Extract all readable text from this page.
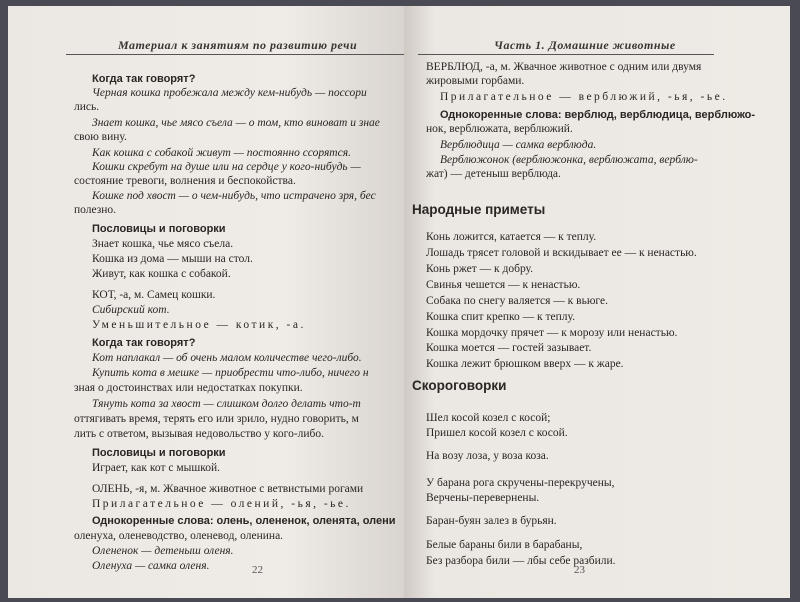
Материал к занятиям по развитию речи
Когда так говорят?
Черная кошка пробежала между кем-нибудь — поссори
лись.
Знает кошка, чье мясо съела — о том, кто виноват и знае
свою вину.
Как кошка с собакой живут — постоянно ссорятся.
Кошки скребут на душе или на сердце у кого-нибудь —
состояние тревоги, волнения и беспокойства.
Кошке под хвост — о чем-нибудь, что истрачено зря, бес
полезно.
Пословицы и поговорки
Знает кошка, чье мясо съела.
Кошка из дома — мыши на стол.
Живут, как кошка с собакой.
КОТ, -а, м. Самец кошки.
Сибирский кот.
Уменьшительное — котик, -а.
Когда так говорят?
Кот наплакал — об очень малом количестве чего-либо.
Купить кота в мешке — приобрести что-либо, ничего н
зная о достоинствах или недостатках покупки.
Тянуть кота за хвост — слишком долго делать что-т
оттягивать время, терять его или зрило, нудно говорить, м
лить с ответом, вызывая недовольство у кого-либо.
Пословицы и поговорки
Играет, как кот с мышкой.
ОЛЕНЬ, -я, м. Жвачное животное с ветвистыми рогами
Прилагательное — олений, -ья, -ье.
Однокоренные слова: олень, олененок, оленята, олени
оленуха, оленеводство, оленевод, оленина.
Олененок — детеныш оленя.
Оленуха — самка оленя.	22
Часть 1. Домашние животные
ВЕРБЛЮД, -а, м. Жвачное животное с одним или двумя
жировыми горбами.
Прилагательное — верблюжий, -ья, -ье.
Однокоренные слова: верблюд, верблюдица, верблюжо-
нок, верблюжата, верблюжий.
Верблюдица — самка верблюда.
Верблюжонок (верблюжонка, верблюжата, верблю-
жат) — детеныш верблюда.
Народные приметы
Конь ложится, катается — к теплу.
Лошадь трясет головой и вскидывает ее — к ненастью.
Конь ржет — к добру.
Свинья чешется — к ненастью.
Собака по снегу валяется — к вьюге.
Кошка спит крепко — к теплу.
Кошка мордочку прячет — к морозу или ненастью.
Кошка моется — гостей зазывает.
Кошка лежит брюшком вверх — к жаре.
Скороговорки
Шел косой козел с косой;
Пришел косой козел с косой.
На возу лоза, у воза коза.
У барана рога скручены-перекручены,
Верчены-перевернены.
Баран-буян залез в бурьян.
Белые бараны били в барабаны,
Без разбора били — лбы себе разбили.
23
